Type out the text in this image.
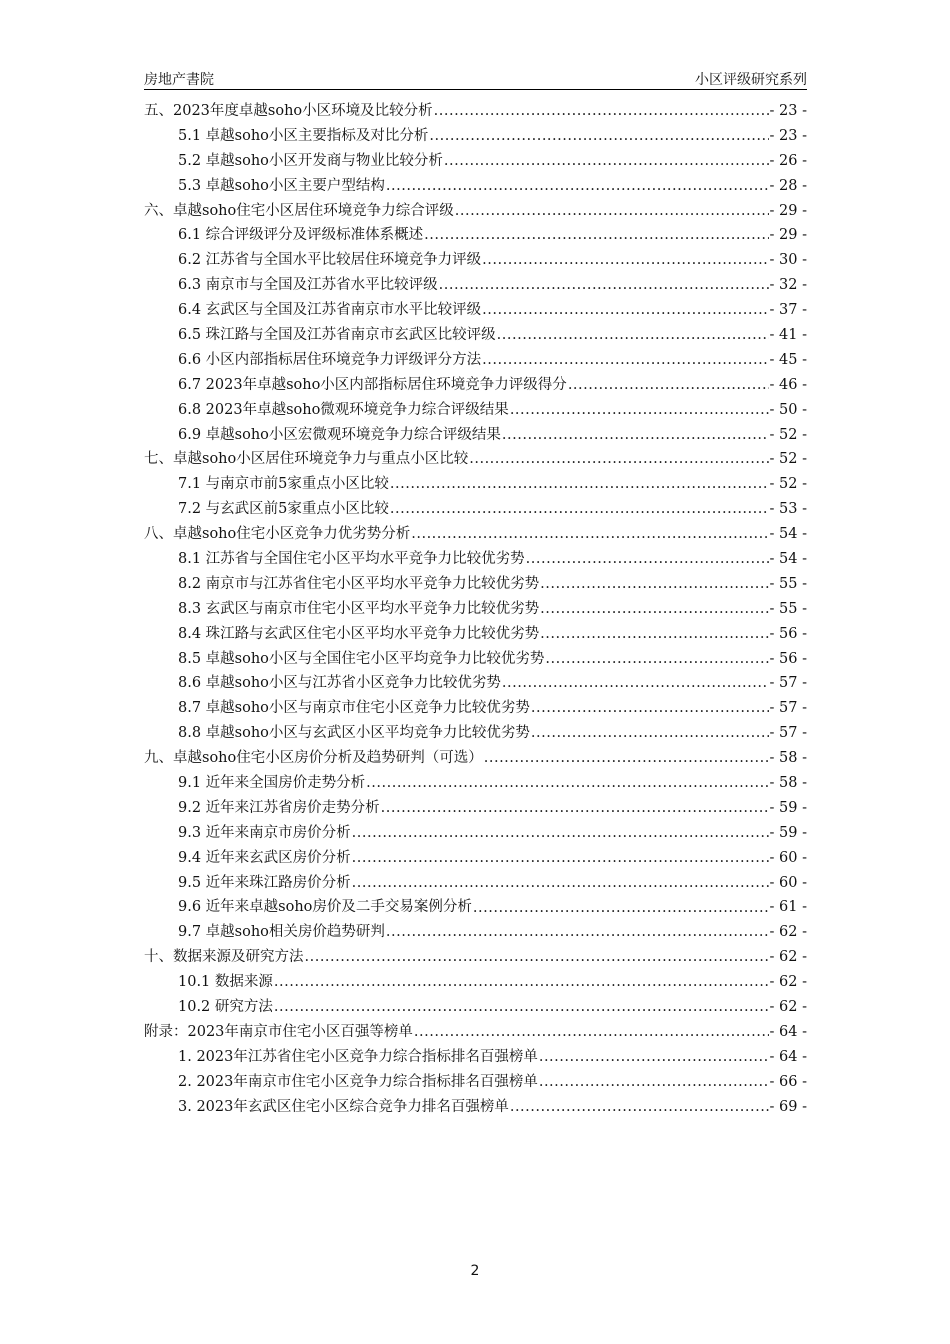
房地产書院	小区评级研究系列
五、2023年度卓越soho小区环境及比较分析 .....	- 23 -
5.1 卓越soho小区主要指标及对比分析 .....	- 23 -
5.2 卓越soho小区开发商与物业比较分析 .....	- 26 -
5.3 卓越soho小区主要户型结构 .....	- 28 -
六、卓越soho住宅小区居住环境竞争力综合评级 .....	- 29 -
6.1 综合评级评分及评级标准体系概述 .....	- 29 -
6.2 江苏省与全国水平比较居住环境竞争力评级 .....	- 30 -
6.3 南京市与全国及江苏省水平比较评级 .....	- 32 -
6.4 玄武区与全国及江苏省南京市水平比较评级 .....	- 37 -
6.5 珠江路与全国及江苏省南京市玄武区比较评级 .....	- 41 -
6.6 小区内部指标居住环境竞争力评级评分方法 .....	- 45 -
6.7 2023年卓越soho小区内部指标居住环境竞争力评级得分 .....	- 46 -
6.8 2023年卓越soho微观环境竞争力综合评级结果 .....	- 50 -
6.9 卓越soho小区宏微观环境竞争力综合评级结果 .....	- 52 -
七、卓越soho小区居住环境竞争力与重点小区比较 .....	- 52 -
7.1 与南京市前5家重点小区比较 .....	- 52 -
7.2 与玄武区前5家重点小区比较 .....	- 53 -
八、卓越soho住宅小区竞争力优劣势分析 .....	- 54 -
8.1 江苏省与全国住宅小区平均水平竞争力比较优劣势 .....	- 54 -
8.2 南京市与江苏省住宅小区平均水平竞争力比较优劣势 .....	- 55 -
8.3 玄武区与南京市住宅小区平均水平竞争力比较优劣势 .....	- 55 -
8.4 珠江路与玄武区住宅小区平均水平竞争力比较优劣势 .....	- 56 -
8.5 卓越soho小区与全国住宅小区平均竞争力比较优劣势 .....	- 56 -
8.6 卓越soho小区与江苏省小区竞争力比较优劣势 .....	- 57 -
8.7 卓越soho小区与南京市住宅小区竞争力比较优劣势 .....	- 57 -
8.8 卓越soho小区与玄武区小区平均竞争力比较优劣势 .....	- 57 -
九、卓越soho住宅小区房价分析及趋势研判（可选） .....	- 58 -
9.1 近年来全国房价走势分析 .....	- 58 -
9.2 近年来江苏省房价走势分析 .....	- 59 -
9.3 近年来南京市房价分析 .....	- 59 -
9.4 近年来玄武区房价分析 .....	- 60 -
9.5 近年来珠江路房价分析 .....	- 60 -
9.6 近年来卓越soho房价及二手交易案例分析 .....	- 61 -
9.7 卓越soho相关房价趋势研判 .....	- 62 -
十、数据来源及研究方法 .....	- 62 -
10.1 数据来源 .....	- 62 -
10.2 研究方法 .....	- 62 -
附录：2023年南京市住宅小区百强等榜单 .....	- 64 -
1. 2023年江苏省住宅小区竞争力综合指标排名百强榜单 .....	- 64 -
2. 2023年南京市住宅小区竞争力综合指标排名百强榜单 .....	- 66 -
3. 2023年玄武区住宅小区综合竞争力排名百强榜单 .....	- 69 -
2
